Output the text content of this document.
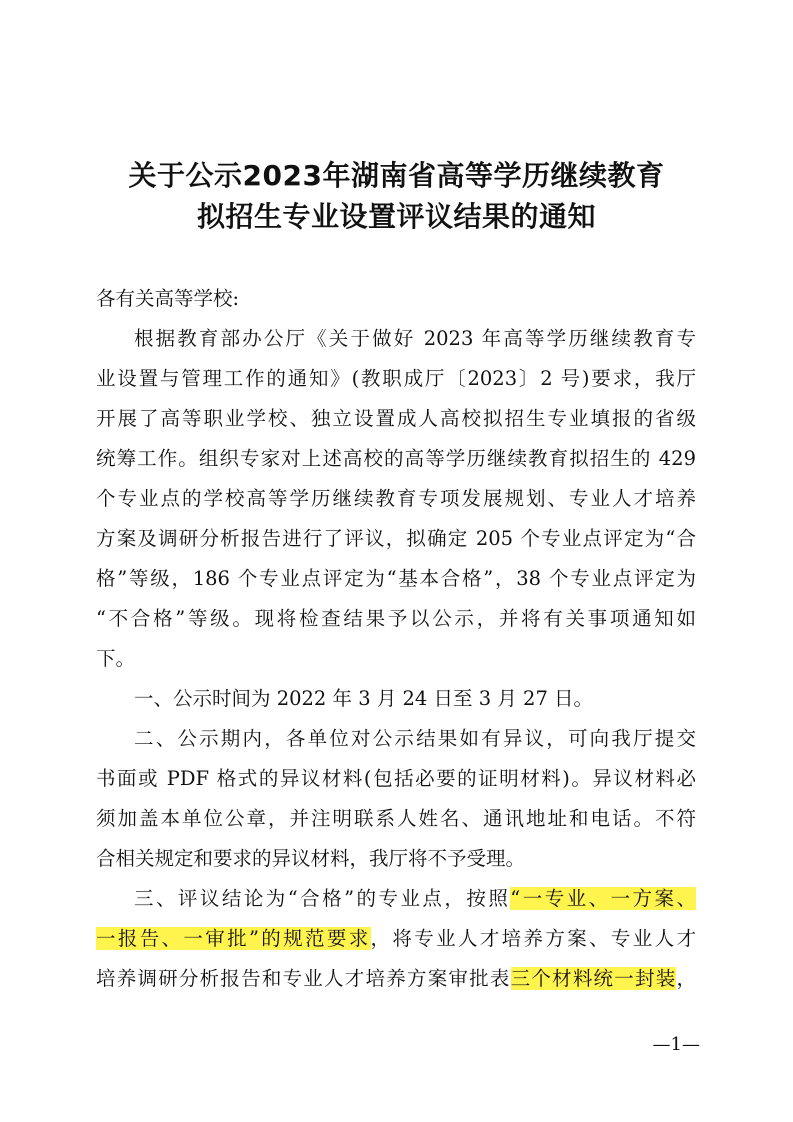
关于公示2023年湖南省高等学历继续教育
拟招生专业设置评议结果的通知
各有关高等学校:
根据教育部办公厅《关于做好 2023 年高等学历继续教育专
业设置与管理工作的通知》(教职成厅〔2023〕2 号)要求，我厅
开展了高等职业学校、独立设置成人高校拟招生专业填报的省级
统筹工作。组织专家对上述高校的高等学历继续教育拟招生的 429
个专业点的学校高等学历继续教育专项发展规划、专业人才培养
方案及调研分析报告进行了评议，拟确定 205 个专业点评定为“合
格”等级，186 个专业点评定为“基本合格”，38 个专业点评定为
“不合格”等级。现将检查结果予以公示，并将有关事项通知如
下。
一、公示时间为 2022 年 3 月 24 日至 3 月 27 日。
二、公示期内，各单位对公示结果如有异议，可向我厅提交
书面或 PDF 格式的异议材料(包括必要的证明材料)。异议材料必
须加盖本单位公章，并注明联系人姓名、通讯地址和电话。不符
合相关规定和要求的异议材料，我厅将不予受理。
三、评议结论为“合格”的专业点，按照“一专业、一方案、
一报告、一审批”的规范要求，将专业人才培养方案、专业人才
培养调研分析报告和专业人才培养方案审批表三个材料统一封装，
—1—
